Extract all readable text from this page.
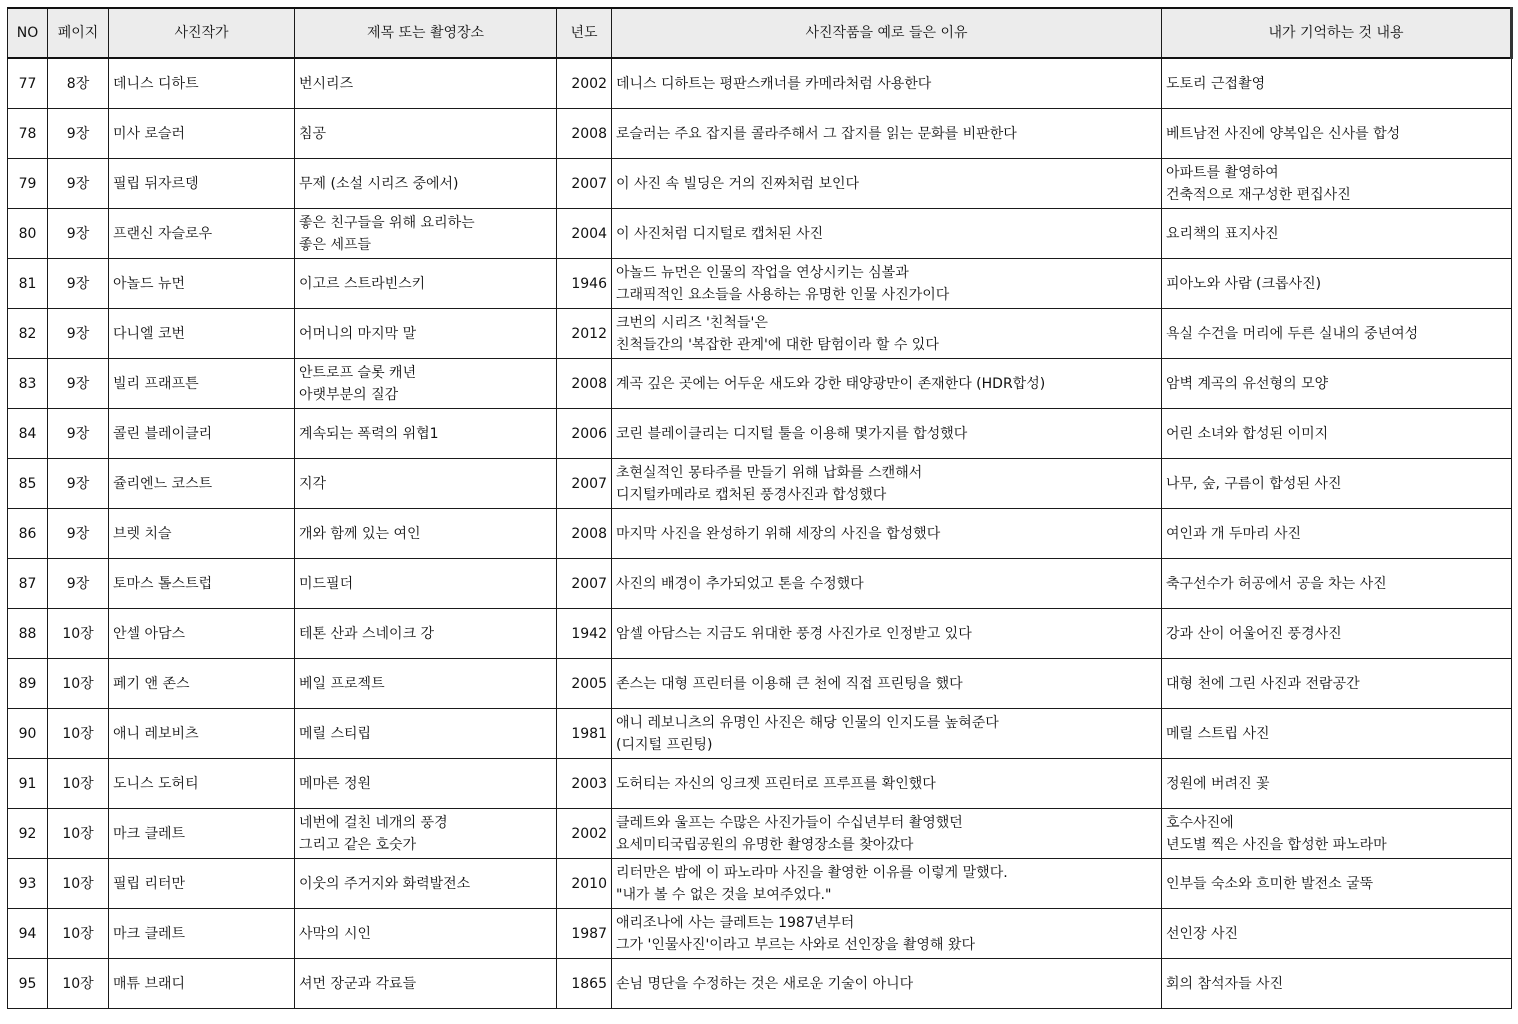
NO	페이지	사진작가	제목 또는 촬영장소	년도	사진작품을 예로 들은 이유	내가 기억하는 것 내용
77	8장	데니스 디하트	번시리즈	2002	데니스 디하트는 평판스캐너를 카메라처럼 사용한다	도토리 근접촬영

78	9장	미사 로슬러	침공	2008	로슬러는 주요 잡지를 콜라주해서 그 잡지를 읽는 문화를 비판한다	베트남전 사진에 양복입은 신사를 합성

79	9장	필립 뒤자르뎅	무제 (소설 시리즈 중에서)	2007	이 사진 속 빌딩은 거의 진짜처럼 보인다	아파트를 촬영하여
건축적으로 재구성한 편집사진

80	9장	프랜신 자슬로우	좋은 친구들을 위해 요리하는
좋은 세프들	2004	이 사진처럼 디지털로 캡처된 사진	요리책의 표지사진

81	9장	아놀드 뉴먼	이고르 스트라빈스키	1946	아놀드 뉴먼은 인물의 작업을 연상시키는 심볼과
그래픽적인 요소들을 사용하는 유명한 인물 사진가이다	피아노와 사람 (크롭사진)

82	9장	다니엘 코번	어머니의 마지막 말	2012	크번의 시리즈 '친척들'은
친척들간의 '복잡한 관계'에 대한 탐험이라 할 수 있다	욕실 수건을 머리에 두른 실내의 중년여성

83	9장	빌리 프래프튼	안트로프 슬롯 캐년
아랫부분의 질감	2008	계곡 깊은 곳에는 어두운 새도와 강한 태양광만이 존재한다 (HDR합성)	암벽 계곡의 유선형의 모양

84	9장	콜린 블레이클리	계속되는 폭력의 위협1	2006	코린 블레이클리는 디지털 툴을 이용해 몇가지를 합성했다	어린 소녀와 합성된 이미지

85	9장	쥴리엔느 코스트	지각	2007	초현실적인 몽타주를 만들기 위해 납화를 스캔해서
디지털카메라로 캡처된 풍경사진과 합성했다	나무, 숲, 구름이 합성된 사진

86	9장	브렛 치슬	개와 함께 있는 여인	2008	마지막 사진을 완성하기 위해 세장의 사진을 합성했다	여인과 개 두마리 사진

87	9장	토마스 톨스트럽	미드필더	2007	사진의 배경이 추가되었고 톤을 수정했다	축구선수가 허공에서 공을 차는 사진

88	10장	안셀 아담스	테톤 산과 스네이크 강	1942	암셀 아담스는 지금도 위대한 풍경 사진가로 인정받고 있다	강과 산이 어울어진 풍경사진

89	10장	페기 앤 존스	베일 프로젝트	2005	존스는 대형 프린터를 이용해 큰 천에 직접 프린팅을 했다	대형 천에 그린 사진과 전람공간

90	10장	애니 레보비츠	메릴 스티립	1981	애니 레보니츠의 유명인 사진은 해당 인물의 인지도를 높혀준다
(디지털 프린팅)	메릴 스트립 사진

91	10장	도니스 도허티	메마른 정원	2003	도허티는 자신의 잉크젯 프린터로 프루프를 확인했다	정원에 버려진 꽃

92	10장	마크 클레트	네번에 걸친 네개의 풍경
그리고 같은 호숫가	2002	클레트와 울프는 수많은 사진가들이 수십년부터 촬영했던
요세미티국립공원의 유명한 촬영장소를 찾아갔다	호수사진에
년도별 찍은 사진을 합성한 파노라마

93	10장	필립 리터만	이웃의 주거지와 화력발전소	2010	리터만은 밤에 이 파노라마 사진을 촬영한 이유를 이렇게 말했다.
"내가 볼 수 없은 것을 보여주었다."	인부들 숙소와 흐미한 발전소 굴뚝

94	10장	마크 클레트	사막의 시인	1987	애리조나에 사는 클레트는 1987년부터
그가 '인물사진'이라고 부르는 사와로 선인장을 촬영해 왔다	선인장 사진

95	10장	매튜 브래디	셔먼 장군과 각료들	1865	손님 명단을 수정하는 것은 새로운 기술이 아니다	회의 참석자들 사진
